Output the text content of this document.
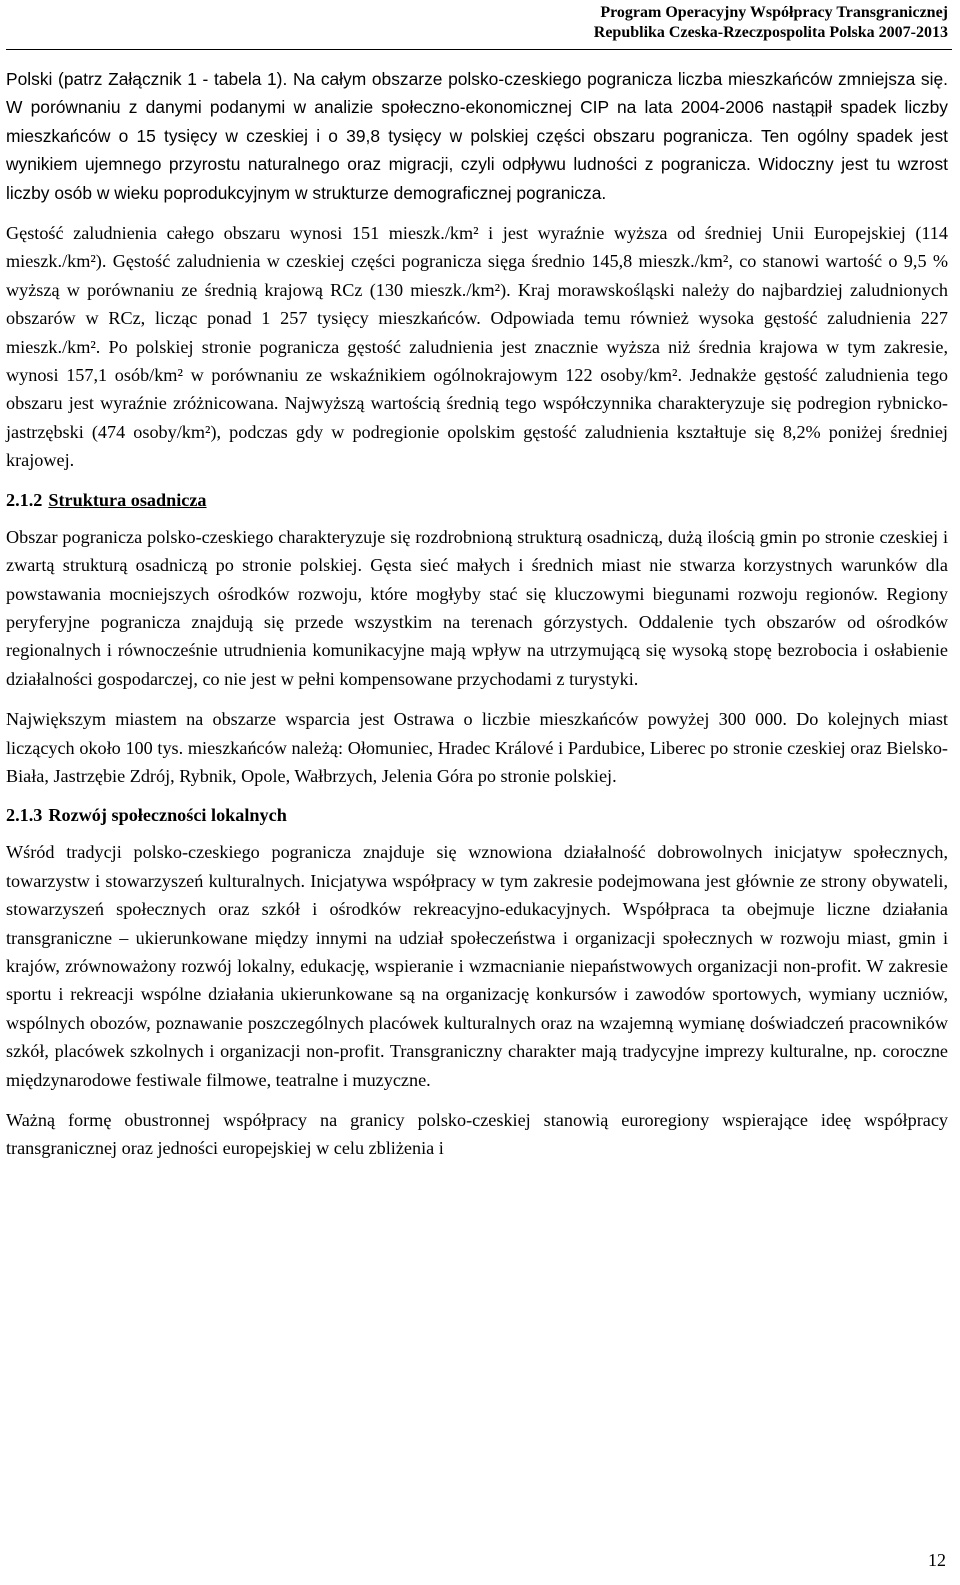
Program Operacyjny Współpracy Transgranicznej
Republika Czeska-Rzeczpospolita Polska 2007-2013

Polski (patrz Załącznik 1 - tabela 1). Na całym obszarze polsko-czeskiego pogranicza liczba mieszkańców zmniejsza się. W porównaniu z danymi podanymi w analizie społeczno-ekonomicznej CIP na lata 2004-2006 nastąpił spadek liczby mieszkańców o 15 tysięcy w czeskiej i o 39,8 tysięcy w polskiej części obszaru pogranicza. Ten ogólny spadek jest wynikiem ujemnego przyrostu naturalnego oraz migracji, czyli odpływu ludności z pogranicza. Widoczny jest tu wzrost liczby osób w wieku poprodukcyjnym w strukturze demograficznej pogranicza.

Gęstość zaludnienia całego obszaru wynosi 151 mieszk./km² i jest wyraźnie wyższa od średniej Unii Europejskiej (114 mieszk./km²). Gęstość zaludnienia w czeskiej części pogranicza sięga średnio 145,8 mieszk./km², co stanowi wartość o 9,5 % wyższą w porównaniu ze średnią krajową RCz (130 mieszk./km²). Kraj morawskośląski należy do najbardziej zaludnionych obszarów w RCz, licząc ponad 1 257 tysięcy mieszkańców. Odpowiada temu również wysoka gęstość zaludnienia 227 mieszk./km². Po polskiej stronie pogranicza gęstość zaludnienia jest znacznie wyższa niż średnia krajowa w tym zakresie, wynosi 157,1 osób/km² w porównaniu ze wskaźnikiem ogólnokrajowym 122 osoby/km². Jednakże gęstość zaludnienia tego obszaru jest wyraźnie zróżnicowana. Najwyższą wartością średnią tego współczynnika charakteryzuje się podregion rybnicko-jastrzębski (474 osoby/km²), podczas gdy w podregionie opolskim gęstość zaludnienia kształtuje się 8,2% poniżej średniej krajowej.

2.1.2 Struktura osadnicza

Obszar pogranicza polsko-czeskiego charakteryzuje się rozdrobnioną strukturą osadniczą, dużą ilością gmin po stronie czeskiej i zwartą strukturą osadniczą po stronie polskiej. Gęsta sieć małych i średnich miast nie stwarza korzystnych warunków dla powstawania mocniejszych ośrodków rozwoju, które mogłyby stać się kluczowymi biegunami rozwoju regionów. Regiony peryferyjne pogranicza znajdują się przede wszystkim na terenach górzystych. Oddalenie tych obszarów od ośrodków regionalnych i równocześnie utrudnienia komunikacyjne mają wpływ na utrzymującą się wysoką stopę bezrobocia i osłabienie działalności gospodarczej, co nie jest w pełni kompensowane przychodami z turystyki.

Największym miastem na obszarze wsparcia jest Ostrawa o liczbie mieszkańców powyżej 300 000. Do kolejnych miast liczących około 100 tys. mieszkańców należą: Ołomuniec, Hradec Králové i Pardubice, Liberec po stronie czeskiej oraz Bielsko-Biała, Jastrzębie Zdrój, Rybnik, Opole, Wałbrzych, Jelenia Góra po stronie polskiej.

2.1.3 Rozwój społeczności lokalnych

Wśród tradycji polsko-czeskiego pogranicza znajduje się wznowiona działalność dobrowolnych inicjatyw społecznych, towarzystw i stowarzyszeń kulturalnych. Inicjatywa współpracy w tym zakresie podejmowana jest głównie ze strony obywateli, stowarzyszeń społecznych oraz szkół i ośrodków rekreacyjno-edukacyjnych. Współpraca ta obejmuje liczne działania transgraniczne – ukierunkowane między innymi na udział społeczeństwa i organizacji społecznych w rozwoju miast, gmin i krajów, zrównoważony rozwój lokalny, edukację, wspieranie i wzmacnianie niepaństwowych organizacji non-profit. W zakresie sportu i rekreacji wspólne działania ukierunkowane są na organizację konkursów i zawodów sportowych, wymiany uczniów, wspólnych obozów, poznawanie poszczególnych placówek kulturalnych oraz na wzajemną wymianę doświadczeń pracowników szkół, placówek szkolnych i organizacji non-profit. Transgraniczny charakter mają tradycyjne imprezy kulturalne, np. coroczne międzynarodowe festiwale filmowe, teatralne i muzyczne.

Ważną formę obustronnej współpracy na granicy polsko-czeskiej stanowią euroregiony wspierające ideę współpracy transgranicznej oraz jedności europejskiej w celu zbliżenia i

12
